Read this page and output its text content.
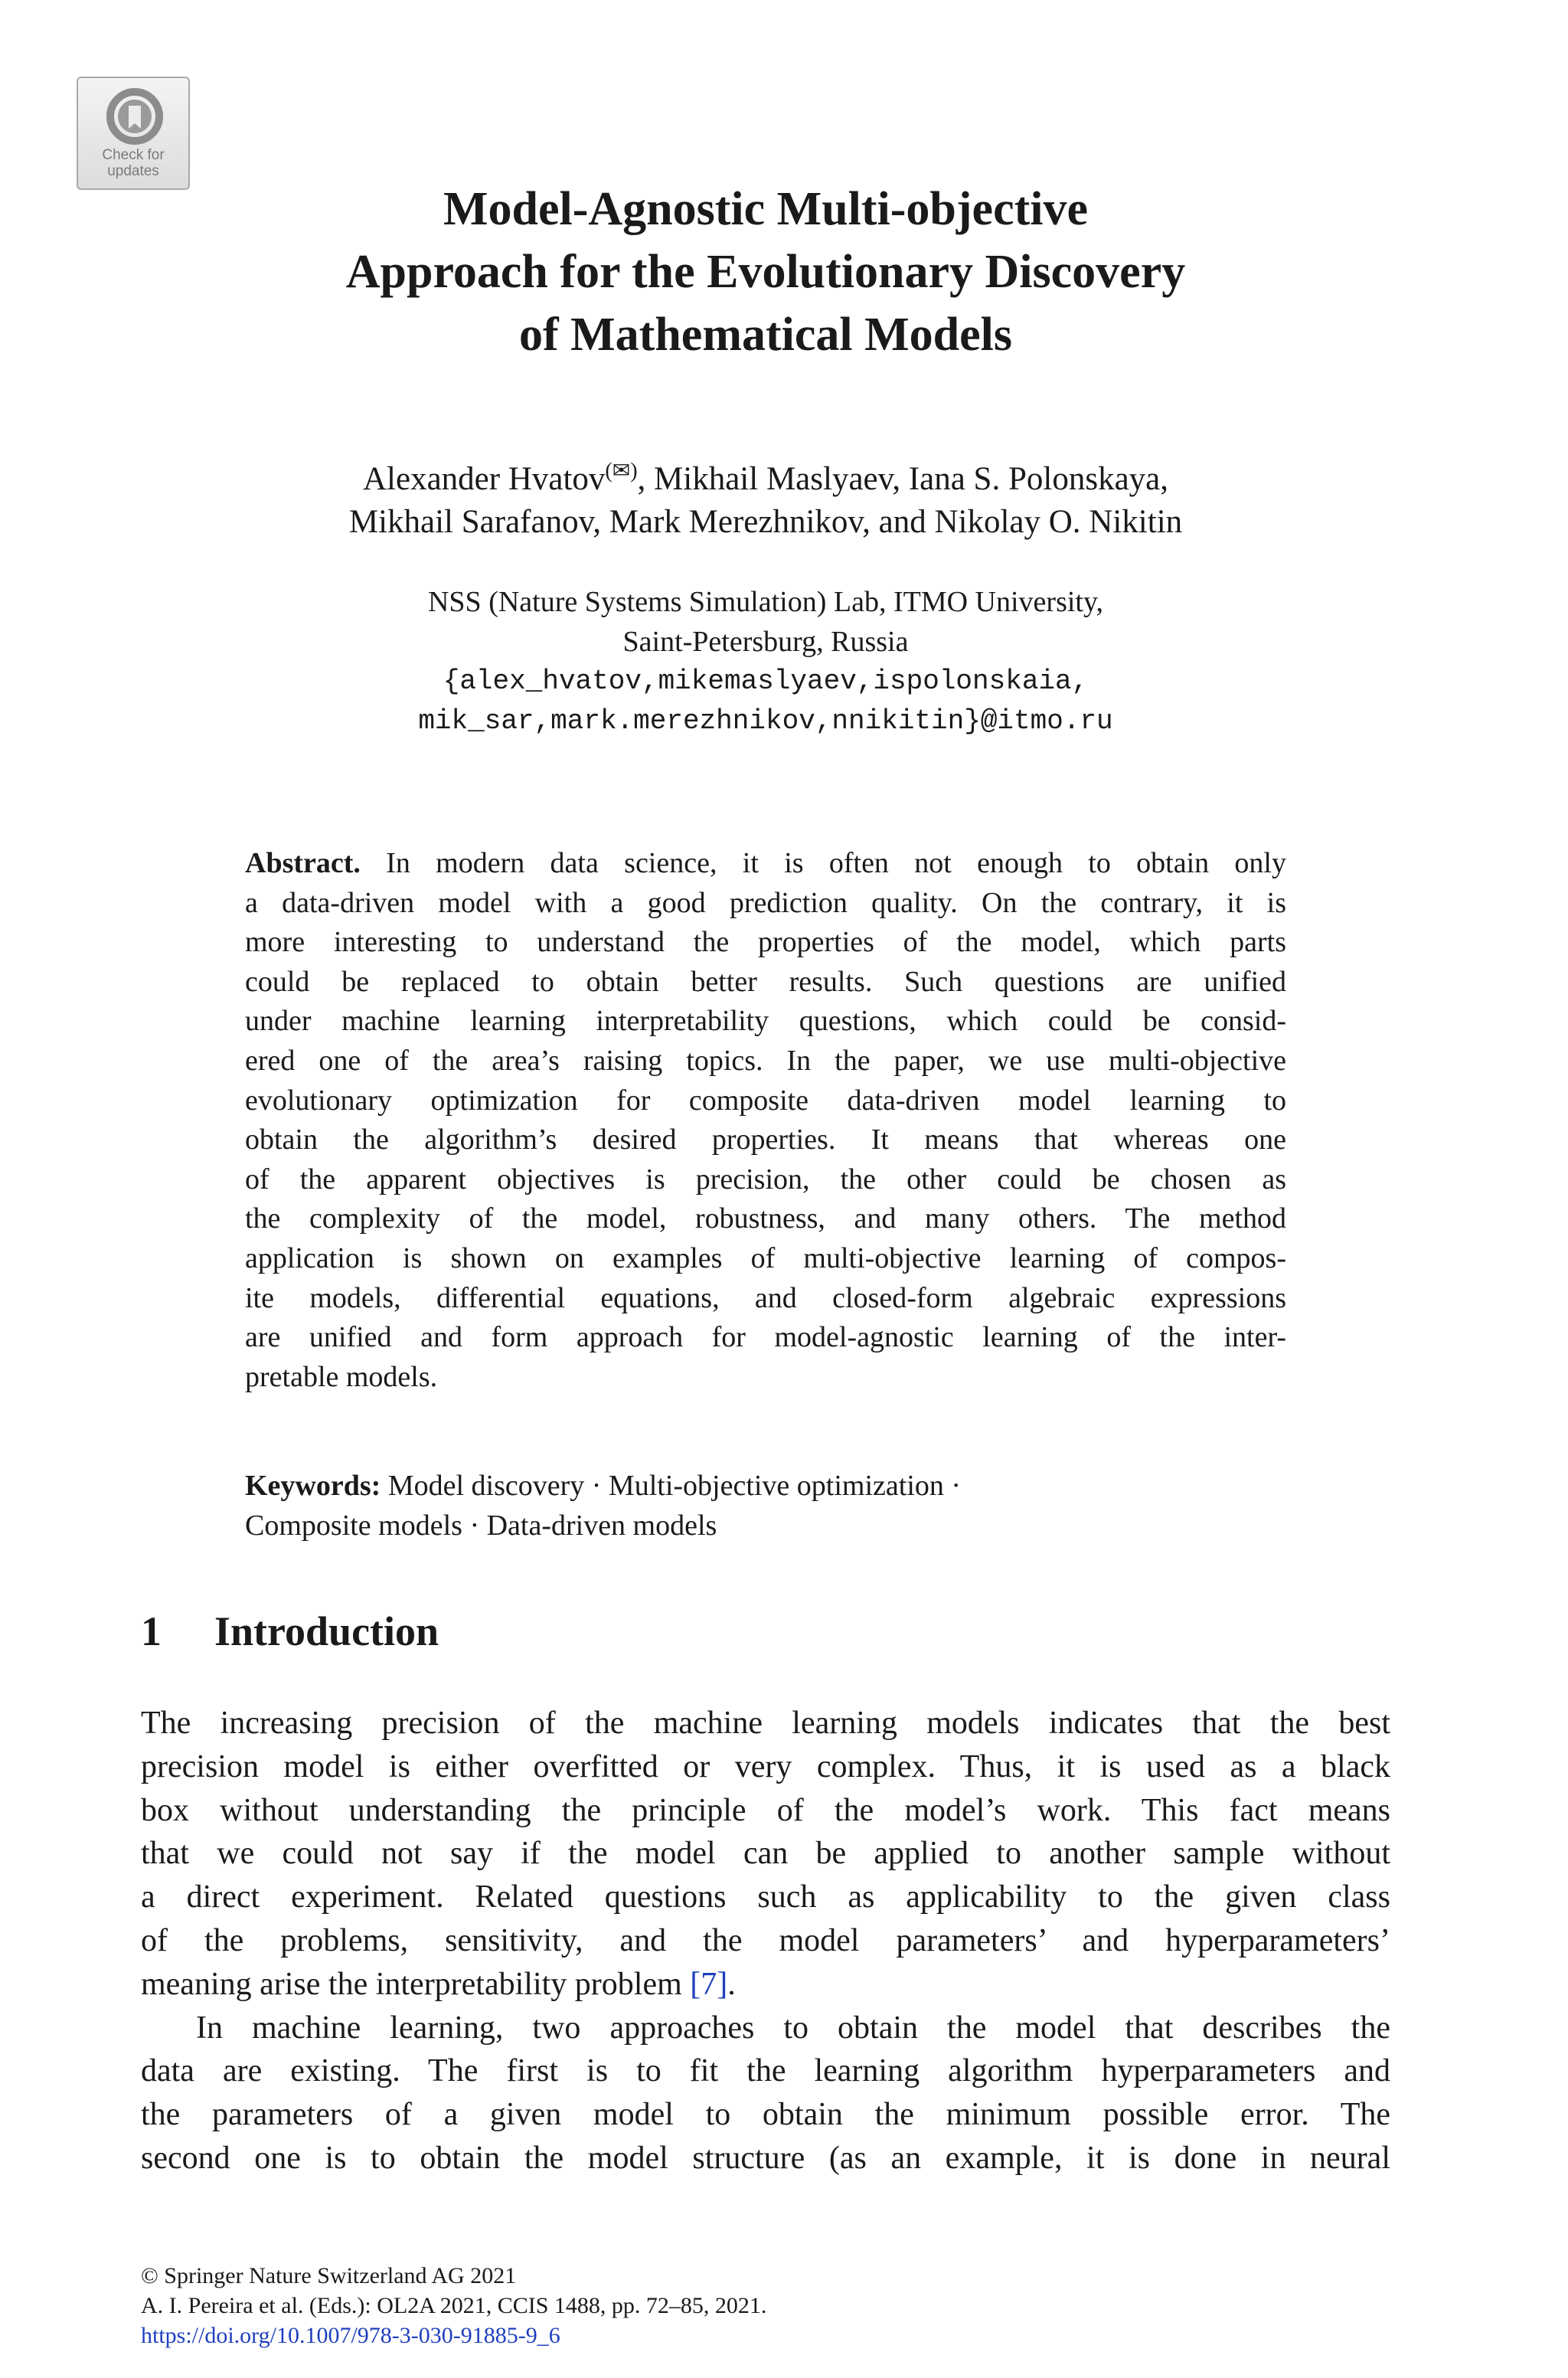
Check for
updates
Model-Agnostic Multi-objective
Approach for the Evolutionary Discovery
of Mathematical Models
Alexander Hvatov(✉), Mikhail Maslyaev, Iana S. Polonskaya,
Mikhail Sarafanov, Mark Merezhnikov, and Nikolay O. Nikitin
NSS (Nature Systems Simulation) Lab, ITMO University,
Saint-Petersburg, Russia
{alex_hvatov,mikemaslyaev,ispolonskaia,
mik_sar,mark.merezhnikov,nnikitin}@itmo.ru
Abstract. In modern data science, it is often not enough to obtain only
a data-driven model with a good prediction quality. On the contrary, it is
more interesting to understand the properties of the model, which parts
could be replaced to obtain better results. Such questions are unified
under machine learning interpretability questions, which could be consid-
ered one of the area’s raising topics. In the paper, we use multi-objective
evolutionary optimization for composite data-driven model learning to
obtain the algorithm’s desired properties. It means that whereas one
of the apparent objectives is precision, the other could be chosen as
the complexity of the model, robustness, and many others. The method
application is shown on examples of multi-objective learning of compos-
ite models, differential equations, and closed-form algebraic expressions
are unified and form approach for model-agnostic learning of the inter-
pretable models.
Keywords: Model discovery · Multi-objective optimization ·
Composite models · Data-driven models
1 Introduction
The increasing precision of the machine learning models indicates that the best
precision model is either overfitted or very complex. Thus, it is used as a black
box without understanding the principle of the model’s work. This fact means
that we could not say if the model can be applied to another sample without
a direct experiment. Related questions such as applicability to the given class
of the problems, sensitivity, and the model parameters’ and hyperparameters’
meaning arise the interpretability problem [7].
In machine learning, two approaches to obtain the model that describes the
data are existing. The first is to fit the learning algorithm hyperparameters and
the parameters of a given model to obtain the minimum possible error. The
second one is to obtain the model structure (as an example, it is done in neural
© Springer Nature Switzerland AG 2021
A. I. Pereira et al. (Eds.): OL2A 2021, CCIS 1488, pp. 72–85, 2021.
https://doi.org/10.1007/978-3-030-91885-9_6
